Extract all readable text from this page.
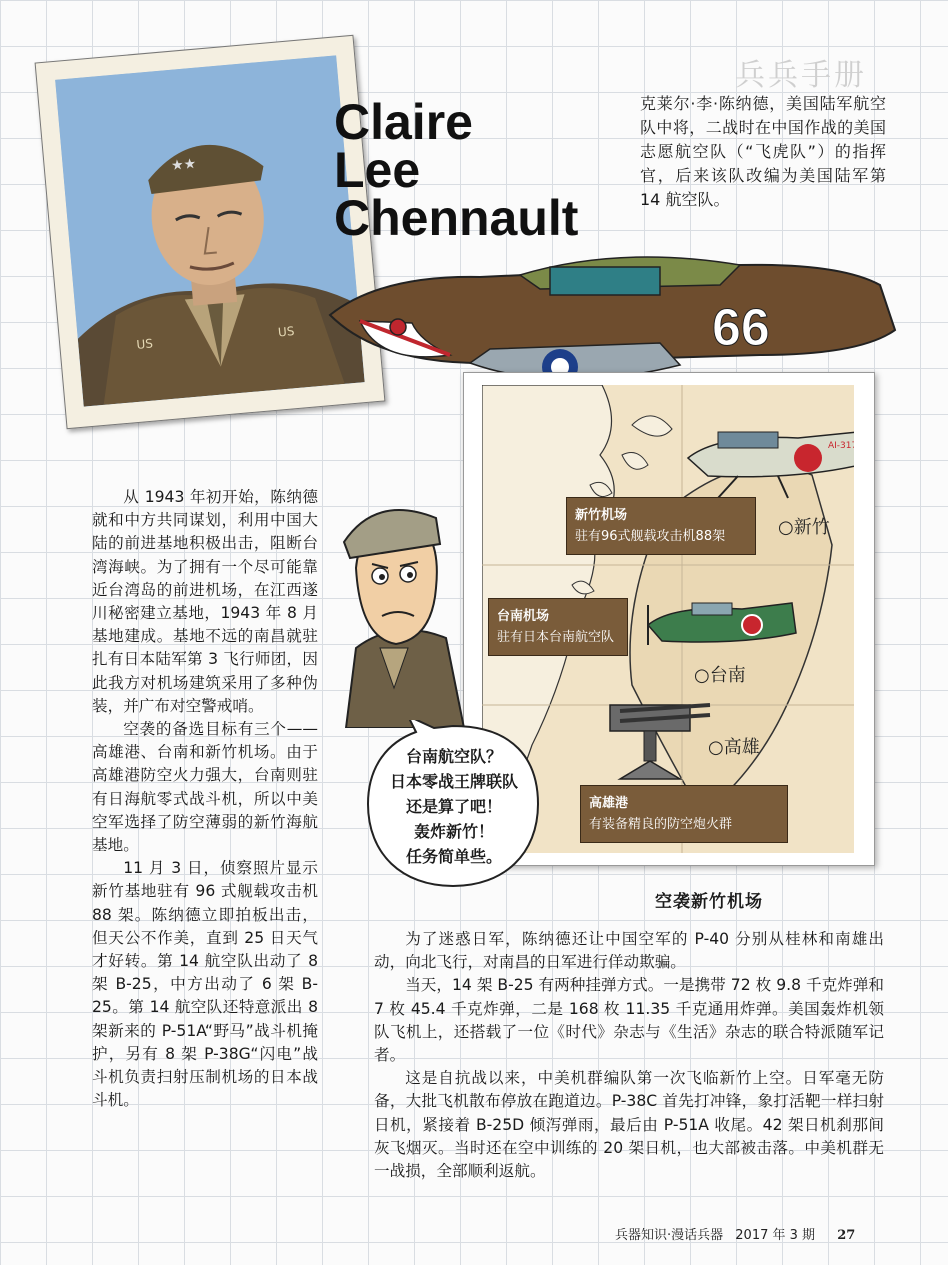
兵兵手册
★★
US
US
Claire
Lee
Chennault
克莱尔·李·陈纳德，美国陆军航空队中将，二战时在中国作战的美国志愿航空队（“飞虎队”）的指挥官，后来该队改编为美国陆军第 14 航空队。
66
AI-317
新竹机场
驻有96式舰载攻击机88架
台南机场
驻有日本台南航空队
高雄港
有装备精良的防空炮火群
○新竹
○台南
○高雄
台南航空队？
日本零战王牌联队
还是算了吧！
轰炸新竹！
任务简单些。

从 1943 年初开始，陈纳德就和中方共同谋划，利用中国大陆的前进基地积极出击，阻断台湾海峡。为了拥有一个尽可能靠近台湾岛的前进机场，在江西遂川秘密建立基地，1943 年 8 月基地建成。基地不远的南昌就驻扎有日本陆军第 3 飞行师团，因此我方对机场建筑采用了多种伪装，并广布对空警戒哨。

空袭的备选目标有三个——高雄港、台南和新竹机场。由于高雄港防空火力强大，台南则驻有日海航零式战斗机，所以中美空军选择了防空薄弱的新竹海航基地。

11 月 3 日，侦察照片显示新竹基地驻有 96 式舰载攻击机 88 架。陈纳德立即拍板出击，但天公不作美，直到 25 日天气才好转。第 14 航空队出动了 8 架 B-25，中方出动了 6 架 B-25。第 14 航空队还特意派出 8 架新来的 P-51A“野马”战斗机掩护，另有 8 架 P-38G“闪电”战斗机负责扫射压制机场的日本战斗机。

空袭新竹机场

为了迷惑日军，陈纳德还让中国空军的 P-40 分别从桂林和南雄出动，向北飞行，对南昌的日军进行佯动欺骗。

当天，14 架 B-25 有两种挂弹方式。一是携带 72 枚 9.8 千克炸弹和 7 枚 45.4 千克炸弹，二是 168 枚 11.35 千克通用炸弹。美国轰炸机领队飞机上，还搭载了一位《时代》杂志与《生活》杂志的联合特派随军记者。

这是自抗战以来，中美机群编队第一次飞临新竹上空。日军毫无防备，大批飞机散布停放在跑道边。P-38C 首先打冲锋，象打活靶一样扫射日机，紧接着 B-25D 倾泻弹雨，最后由 P-51A 收尾。42 架日机刹那间灰飞烟灭。当时还在空中训练的 20 架日机，也大部被击落。中美机群无一战损，全部顺利返航。

兵器知识·漫话兵器 2017 年 3 期 27
